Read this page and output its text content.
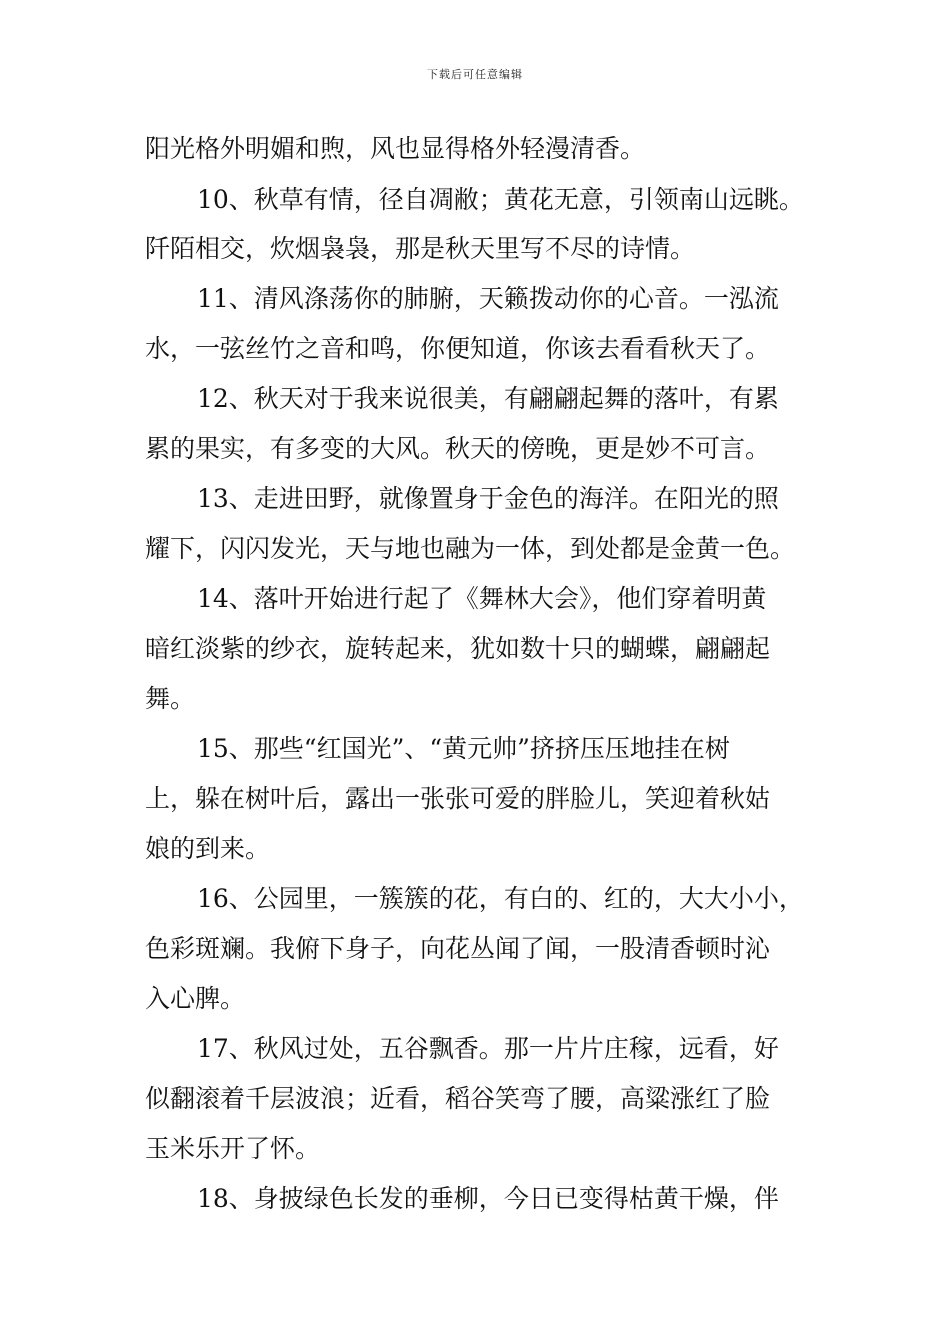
下载后可任意编辑
阳光格外明媚和煦，风也显得格外轻漫清香。
10、秋草有情，径自凋敝；黄花无意，引领南山远眺。
阡陌相交，炊烟袅袅，那是秋天里写不尽的诗情。
11、清风涤荡你的肺腑，天籁拨动你的心音。一泓流
水，一弦丝竹之音和鸣，你便知道，你该去看看秋天了。
12、秋天对于我来说很美，有翩翩起舞的落叶，有累
累的果实，有多变的大风。秋天的傍晚，更是妙不可言。
13、走进田野，就像置身于金色的海洋。在阳光的照
耀下，闪闪发光，天与地也融为一体，到处都是金黄一色。
14、落叶开始进行起了《舞林大会》，他们穿着明黄
暗红淡紫的纱衣，旋转起来，犹如数十只的蝴蝶，翩翩起
舞。
15、那些“红国光”、“黄元帅”挤挤压压地挂在树
上，躲在树叶后，露出一张张可爱的胖脸儿，笑迎着秋姑
娘的到来。
16、公园里，一簇簇的花，有白的、红的，大大小小，
色彩斑斓。我俯下身子，向花丛闻了闻，一股清香顿时沁
入心脾。
17、秋风过处，五谷飘香。那一片片庄稼，远看，好
似翻滚着千层波浪；近看，稻谷笑弯了腰，高粱涨红了脸
玉米乐开了怀。
18、身披绿色长发的垂柳，今日已变得枯黄干燥，伴
